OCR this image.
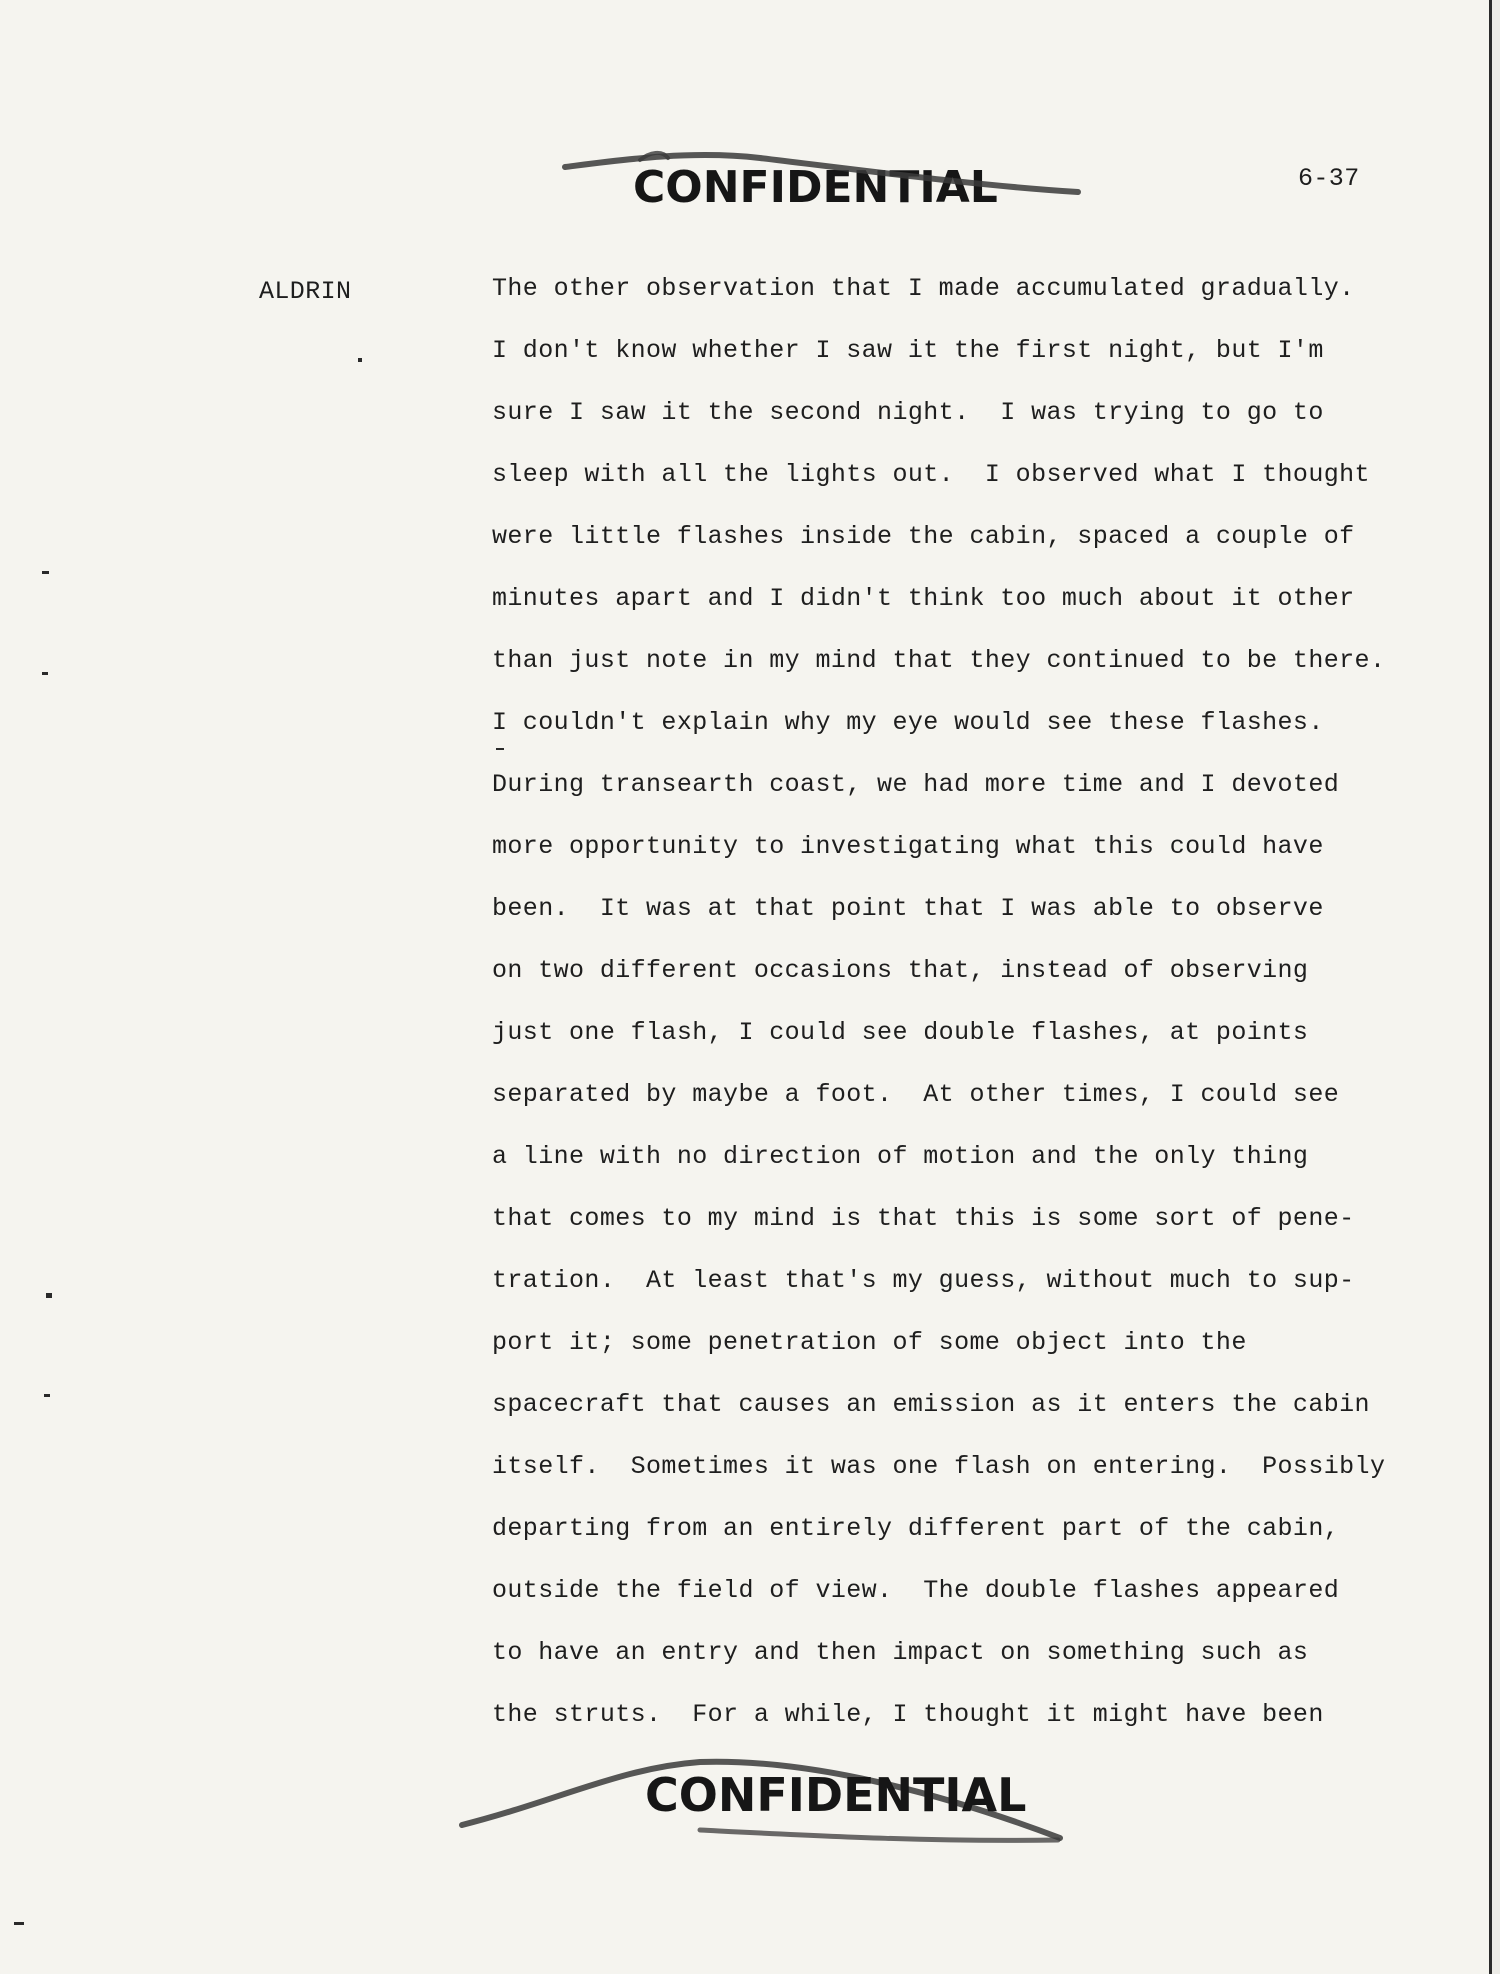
CONFIDENTIAL	6-37
ALDRIN	The other observation that I made accumulated gradually.
I don't know whether I saw it the first night, but I'm
sure I saw it the second night.  I was trying to go to
sleep with all the lights out.  I observed what I thought
were little flashes inside the cabin, spaced a couple of
minutes apart and I didn't think too much about it other
than just note in my mind that they continued to be there.
I couldn't explain why my eye would see these flashes.
During transearth coast, we had more time and I devoted
more opportunity to investigating what this could have
been.  It was at that point that I was able to observe
on two different occasions that, instead of observing
just one flash, I could see double flashes, at points
separated by maybe a foot.  At other times, I could see
a line with no direction of motion and the only thing
that comes to my mind is that this is some sort of pene-
tration.  At least that's my guess, without much to sup-
port it; some penetration of some object into the
spacecraft that causes an emission as it enters the cabin
itself.  Sometimes it was one flash on entering.  Possibly
departing from an entirely different part of the cabin,
outside the field of view.  The double flashes appeared
to have an entry and then impact on something such as
the struts.  For a while, I thought it might have been
CONFIDENTIAL
